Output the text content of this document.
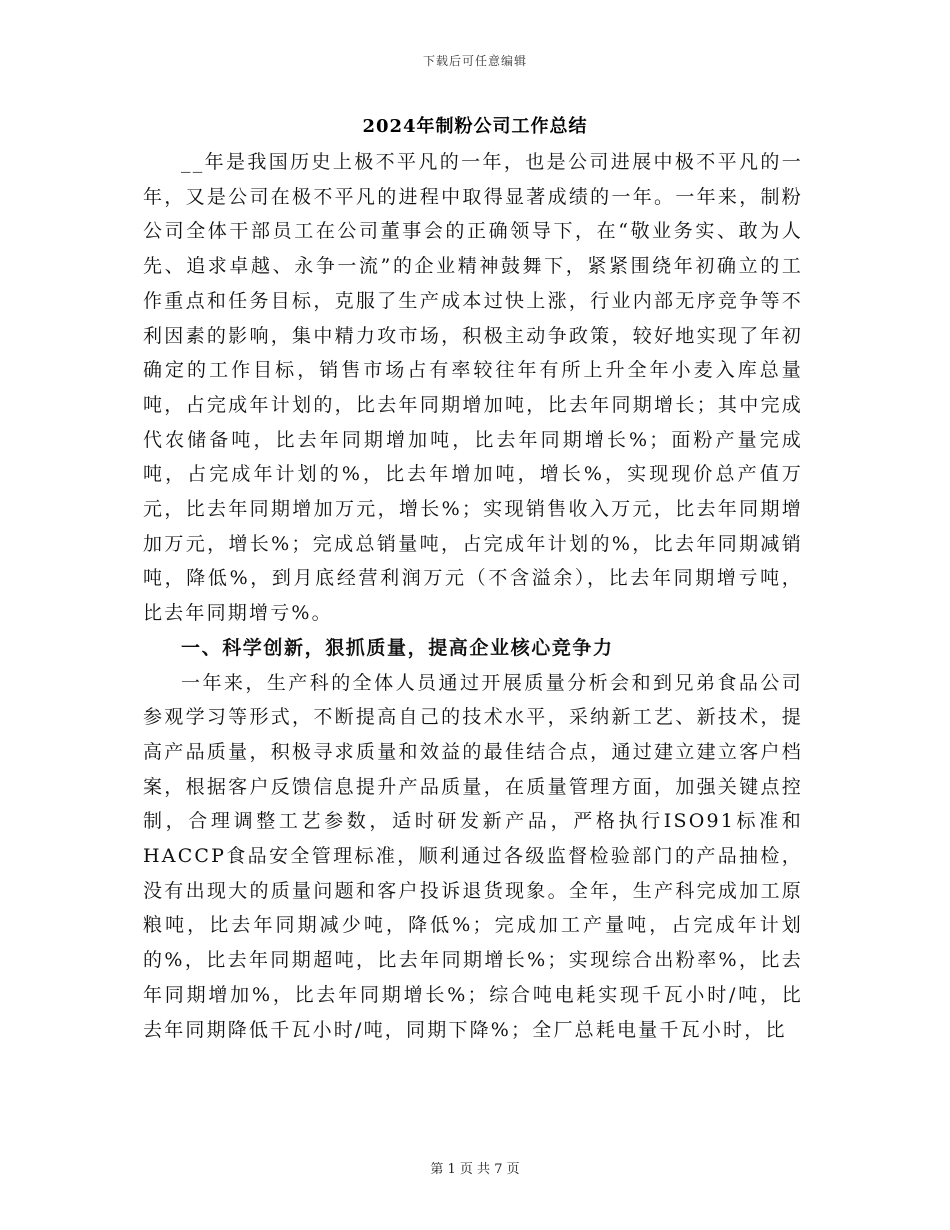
下载后可任意编辑
2024年制粉公司工作总结

__年是我国历史上极不平凡的一年，也是公司进展中极不平凡的一年，又是公司在极不平凡的进程中取得显著成绩的一年。一年来，制粉公司全体干部员工在公司董事会的正确领导下，在“敬业务实、敢为人先、追求卓越、永争一流”的企业精神鼓舞下，紧紧围绕年初确立的工作重点和任务目标，克服了生产成本过快上涨，行业内部无序竞争等不利因素的影响，集中精力攻市场，积极主动争政策，较好地实现了年初确定的工作目标，销售市场占有率较往年有所上升全年小麦入库总量吨，占完成年计划的，比去年同期增加吨，比去年同期增长；其中完成代农储备吨，比去年同期增加吨，比去年同期增长%；面粉产量完成吨，占完成年计划的%，比去年增加吨，增长%，实现现价总产值万元，比去年同期增加万元，增长%；实现销售收入万元，比去年同期增加万元，增长%；完成总销量吨，占完成年计划的%，比去年同期减销吨，降低%，到月底经营利润万元（不含溢余），比去年同期增亏吨，比去年同期增亏%。

一、科学创新，狠抓质量，提高企业核心竞争力

一年来，生产科的全体人员通过开展质量分析会和到兄弟食品公司参观学习等形式，不断提高自己的技术水平，采纳新工艺、新技术，提高产品质量，积极寻求质量和效益的最佳结合点，通过建立建立客户档案，根据客户反馈信息提升产品质量，在质量管理方面，加强关键点控制，合理调整工艺参数，适时研发新产品，严格执行ISO91标准和HACCP食品安全管理标准，顺利通过各级监督检验部门的产品抽检，没有出现大的质量问题和客户投诉退货现象。全年，生产科完成加工原粮吨，比去年同期减少吨，降低%；完成加工产量吨，占完成年计划的%，比去年同期超吨，比去年同期增长%；实现综合出粉率%，比去年同期增加%，比去年同期增长%；综合吨电耗实现千瓦小时/吨，比去年同期降低千瓦小时/吨，同期下降%；全厂总耗电量千瓦小时，比

第 1 页 共 7 页
